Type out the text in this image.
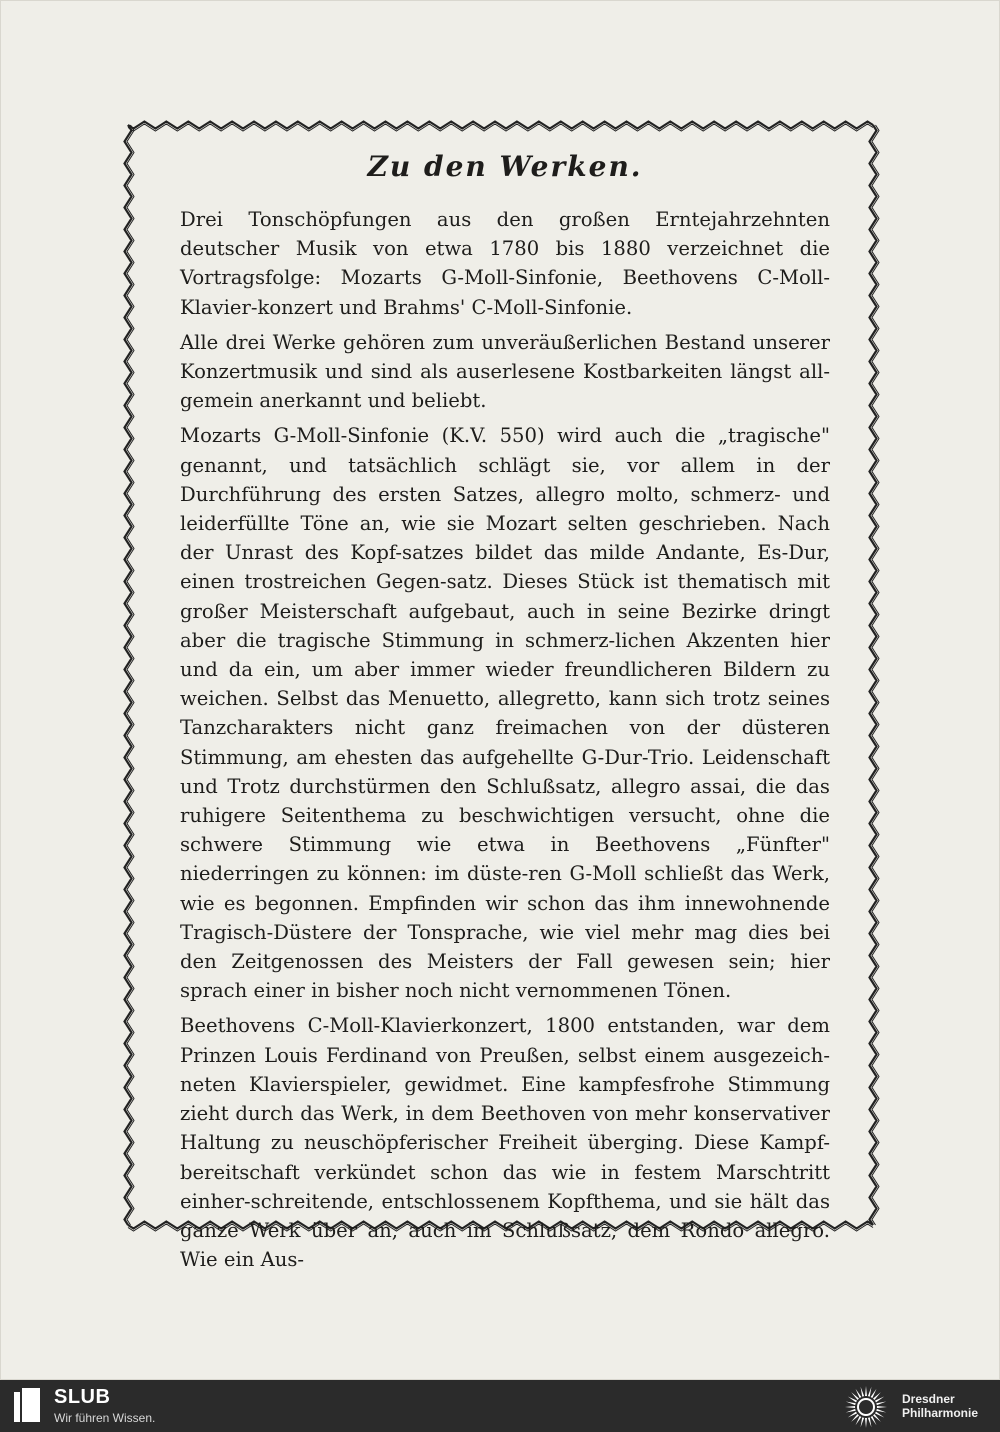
Zu den Werken.

Drei Tonschöpfungen aus den großen Erntejahrzehnten deutscher Musik von etwa 1780 bis 1880 verzeichnet die Vortragsfolge: Mozarts G-Moll-Sinfonie, Beethovens C-Moll-Klavier-konzert und Brahms' C-Moll-Sinfonie.

Alle drei Werke gehören zum unveräußerlichen Bestand unserer Konzertmusik und sind als auserlesene Kostbarkeiten längst all-gemein anerkannt und beliebt.

Mozarts G-Moll-Sinfonie (K.V. 550) wird auch die „tragische" genannt, und tatsächlich schlägt sie, vor allem in der Durchführung des ersten Satzes, allegro molto, schmerz- und leiderfüllte Töne an, wie sie Mozart selten geschrieben. Nach der Unrast des Kopf-satzes bildet das milde Andante, Es-Dur, einen trostreichen Gegen-satz. Dieses Stück ist thematisch mit großer Meisterschaft aufgebaut, auch in seine Bezirke dringt aber die tragische Stimmung in schmerz-lichen Akzenten hier und da ein, um aber immer wieder freundlicheren Bildern zu weichen. Selbst das Menuetto, allegretto, kann sich trotz seines Tanzcharakters nicht ganz freimachen von der düsteren Stimmung, am ehesten das aufgehellte G-Dur-Trio. Leidenschaft und Trotz durchstürmen den Schlußsatz, allegro assai, die das ruhigere Seitenthema zu beschwichtigen versucht, ohne die schwere Stimmung wie etwa in Beethovens „Fünfter" niederringen zu können: im düste-ren G-Moll schließt das Werk, wie es begonnen. Empfinden wir schon das ihm innewohnende Tragisch-Düstere der Tonsprache, wie viel mehr mag dies bei den Zeitgenossen des Meisters der Fall gewesen sein; hier sprach einer in bisher noch nicht vernommenen Tönen.

Beethovens C-Moll-Klavierkonzert, 1800 entstanden, war dem Prinzen Louis Ferdinand von Preußen, selbst einem ausgezeich-neten Klavierspieler, gewidmet. Eine kampfesfrohe Stimmung zieht durch das Werk, in dem Beethoven von mehr konservativer Haltung zu neuschöpferischer Freiheit überging. Diese Kampf-bereitschaft verkündet schon das wie in festem Marschtritt einher-schreitende, entschlossenem Kopfthema, und sie hält das ganze Werk über an, auch im Schlußsatz, dem Rondo allegro. Wie ein Aus-

SLUB
Wir führen Wissen.
Dresdner
Philharmonie
